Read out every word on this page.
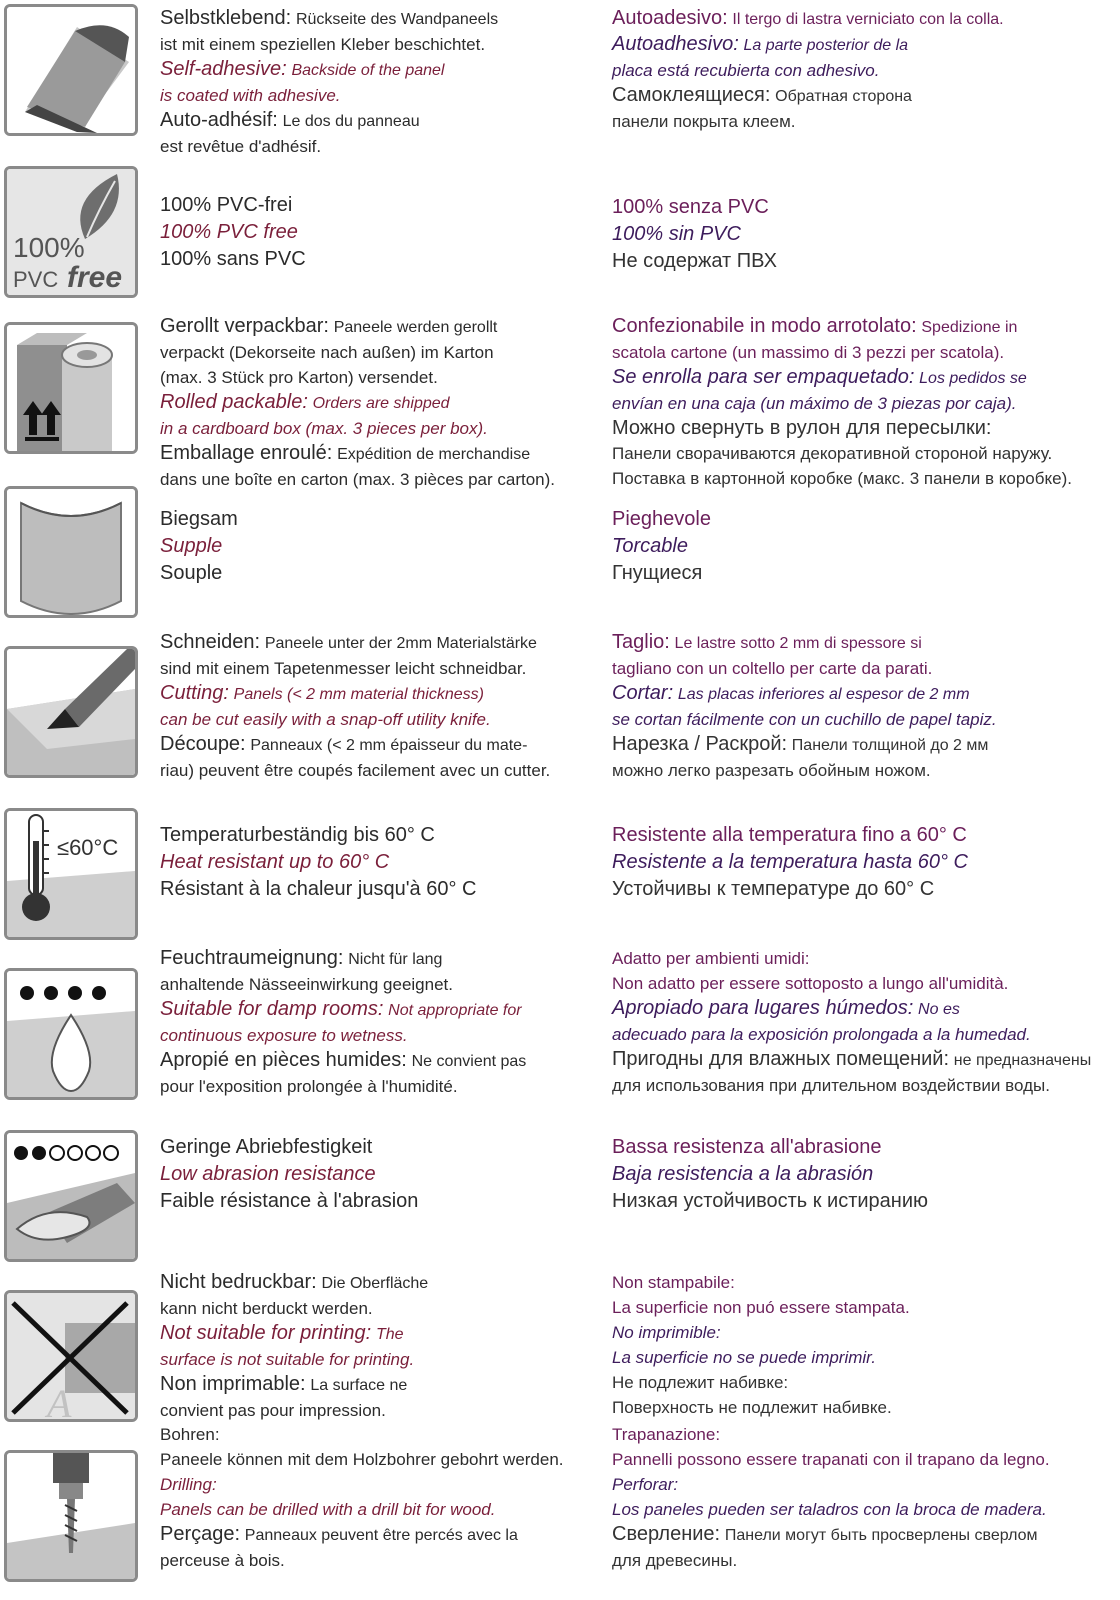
Selbstklebend: Rückseite des Wandpaneels

ist mit einem speziellen Kleber beschichtet.

Self-adhesive: Backside of the panel

is coated with adhesive.

Auto-adhésif: Le dos du panneau

est revêtue d'adhésif.

Autoadesivo: Il tergo di lastra verniciato con la colla.

Autoadhesivo: La parte posterior de la

placa está recubierta con adhesivo.

Самоклеящиеся: Обратная сторона

панели покрыта клеем.

100%
PVC free

100% PVC-frei

100% PVC free

100% sans PVC

100% senza PVC

100% sin PVC

Не содержат ПВХ

Gerollt verpackbar: Paneele werden gerollt

verpackt (Dekorseite nach außen) im Karton

(max. 3 Stück pro Karton) versendet.

Rolled packable: Orders are shipped

in a cardboard box (max. 3 pieces per box).

Emballage enroulé: Expédition de merchandise

dans une boîte en carton (max. 3 pièces par carton).

Confezionabile in modo arrotolato: Spedizione in

scatola cartone (un massimo di 3 pezzi per scatola).

Se enrolla para ser empaquetado: Los pedidos se

envían en una caja (un máximo de 3 piezas por caja).

Можно свернуть в рулон для пересылки:

Панели сворачиваются декоративной стороной наружу.

Поставка в картонной коробке (макс. 3 панели в коробке).

Biegsam

Supple

Souple

Pieghevole

Torcable

Гнущиеся

Schneiden: Paneele unter der 2mm Materialstärke

sind mit einem Tapetenmesser leicht schneidbar.

Cutting: Panels (< 2 mm material thickness)

can be cut easily with a snap-off utility knife.

Découpe: Panneaux (< 2 mm épaisseur du mate-

riau) peuvent être coupés facilement avec un cutter.

Taglio: Le lastre sotto 2 mm di spessore si

tagliano con un coltello per carte da parati.

Cortar: Las placas inferiores al espesor de 2 mm

se cortan fácilmente con un cuchillo de papel tapiz.

Нарезка / Раскрой: Панели толщиной до 2 мм

можно легко разрезать обойным ножом.

≤60°C Temperaturbeständig bis 60° C

Heat resistant up to 60° C

Résistant à la chaleur jusqu'à 60° C

Resistente alla temperatura fino a 60° C

Resistente a la temperatura hasta 60° C

Устойчивы к температуре до 60° C

Feuchtraumeignung: Nicht für lang

anhaltende Nässeeinwirkung geeignet.

Suitable for damp rooms: Not appropriate for

continuous exposure to wetness.

Apropié en pièces humides: Ne convient pas

pour l'exposition prolongée à l'humidité.

Adatto per ambienti umidi:

Non adatto per essere sottoposto a lungo all'umidità.

Apropiado para lugares húmedos: No es

adecuado para la exposición prolongada a la humedad.

Пригодны для влажных помещений: не предназначены

для использования при длительном воздействии воды.

Geringe Abriebfestigkeit

Low abrasion resistance

Faible résistance à l'abrasion

Bassa resistenza all'abrasione

Baja resistencia a la abrasión

Низкая устойчивость к истиранию

A

Nicht bedruckbar: Die Oberfläche

kann nicht berduckt werden.

Not suitable for printing: The

surface is not suitable for printing.

Non imprimable: La surface ne

convient pas pour impression.

Non stampabile:

La superficie non puó essere stampata.

No imprimible:

La superficie no se puede imprimir.

Не подлежит набивке:

Поверхность не подлежит набивке.

Bohren:

Paneele können mit dem Holzbohrer gebohrt werden.

Drilling:

Panels can be drilled with a drill bit for wood.

Perçage: Panneaux peuvent être percés avec la

perceuse à bois.

Trapanazione:

Pannelli possono essere trapanati con il trapano da legno.

Perforar:

Los paneles pueden ser taladros con la broca de madera.

Сверление: Панели могут быть просверлены сверлом

для древесины.
